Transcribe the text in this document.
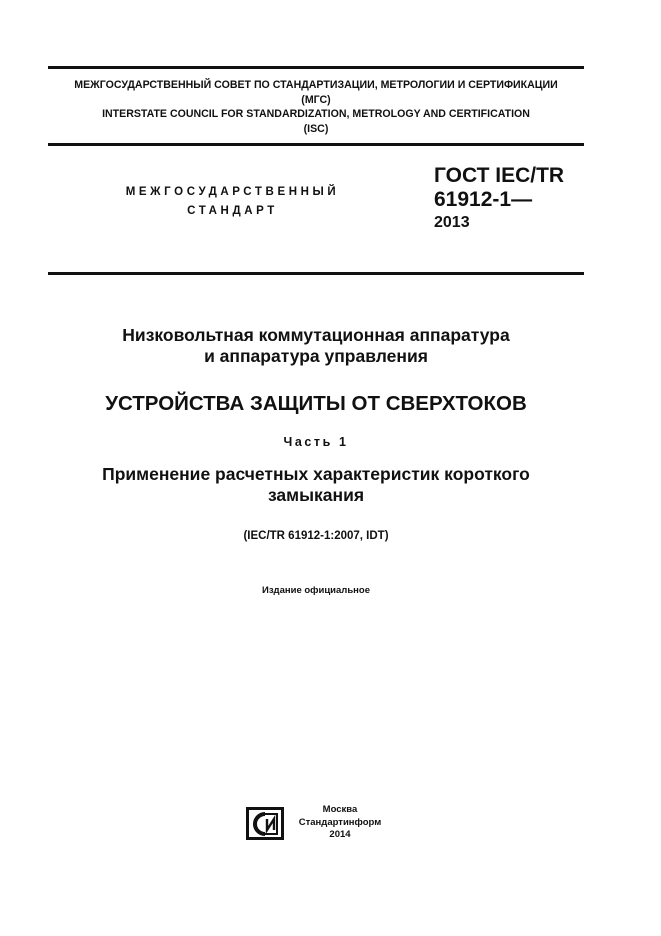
МЕЖГОСУДАРСТВЕННЫЙ СОВЕТ ПО СТАНДАРТИЗАЦИИ, МЕТРОЛОГИИ И СЕРТИФИКАЦИИ
(МГС)
INTERSTATE COUNCIL FOR STANDARDIZATION, METROLOGY AND CERTIFICATION
(ISC)
МЕЖГОСУДАРСТВЕННЫЙ
СТАНДАРТ
ГОСТ IEC/TR
61912-1—
2013
Низковольтная коммутационная аппаратура
и аппаратура управления
УСТРОЙСТВА ЗАЩИТЫ ОТ СВЕРХТОКОВ
Часть 1
Применение расчетных характеристик короткого
замыкания
(IEC/TR 61912-1:2007, IDT)
Издание официальное
Москва
Стандартинформ
2014
